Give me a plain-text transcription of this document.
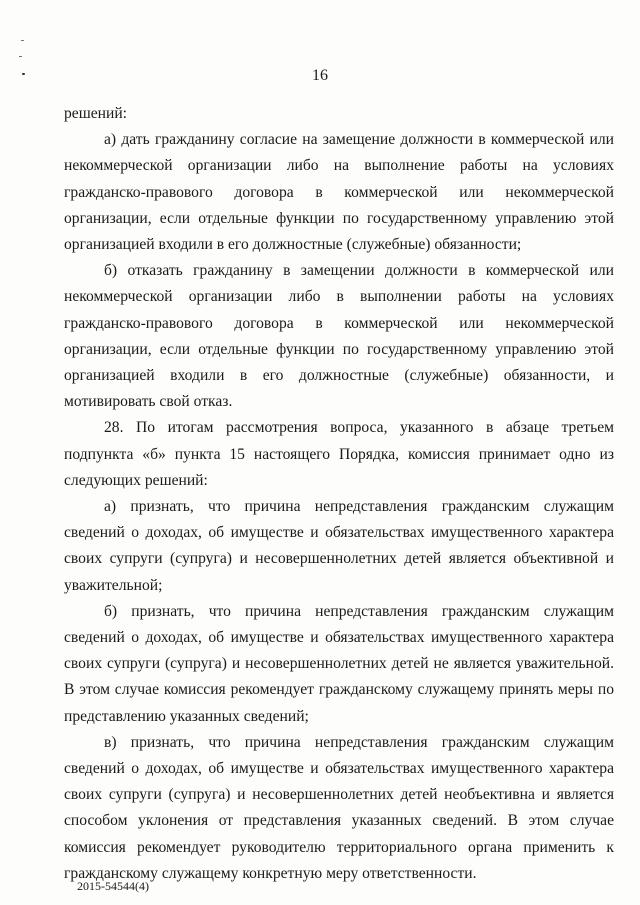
16

решений:

а) дать гражданину согласие на замещение должности в коммерческой или некоммерческой организации либо на выполнение работы на условиях гражданско-правового договора в коммерческой или некоммерческой организации, если отдельные функции по государственному управлению этой организацией входили в его должностные (служебные) обязанности;

б) отказать гражданину в замещении должности в коммерческой или некоммерческой организации либо в выполнении работы на условиях гражданско-правового договора в коммерческой или некоммерческой организации, если отдельные функции по государственному управлению этой организацией входили в его должностные (служебные) обязанности, и мотивировать свой отказ.

28. По итогам рассмотрения вопроса, указанного в абзаце третьем подпункта «б» пункта 15 настоящего Порядка, комиссия принимает одно из следующих решений:

а) признать, что причина непредставления гражданским служащим сведений о доходах, об имуществе и обязательствах имущественного характера своих супруги (супруга) и несовершеннолетних детей является объективной и уважительной;

б) признать, что причина непредставления гражданским служащим сведений о доходах, об имуществе и обязательствах имущественного характера своих супруги (супруга) и несовершеннолетних детей не является уважительной. В этом случае комиссия рекомендует гражданскому служащему принять меры по представлению указанных сведений;

в) признать, что причина непредставления гражданским служащим сведений о доходах, об имуществе и обязательствах имущественного характера своих супруги (супруга) и несовершеннолетних детей необъективна и является способом уклонения от представления указанных сведений. В этом случае комиссия рекомендует руководителю территориального органа применить к гражданскому служащему конкретную меру ответственности.

2015-54544(4)
